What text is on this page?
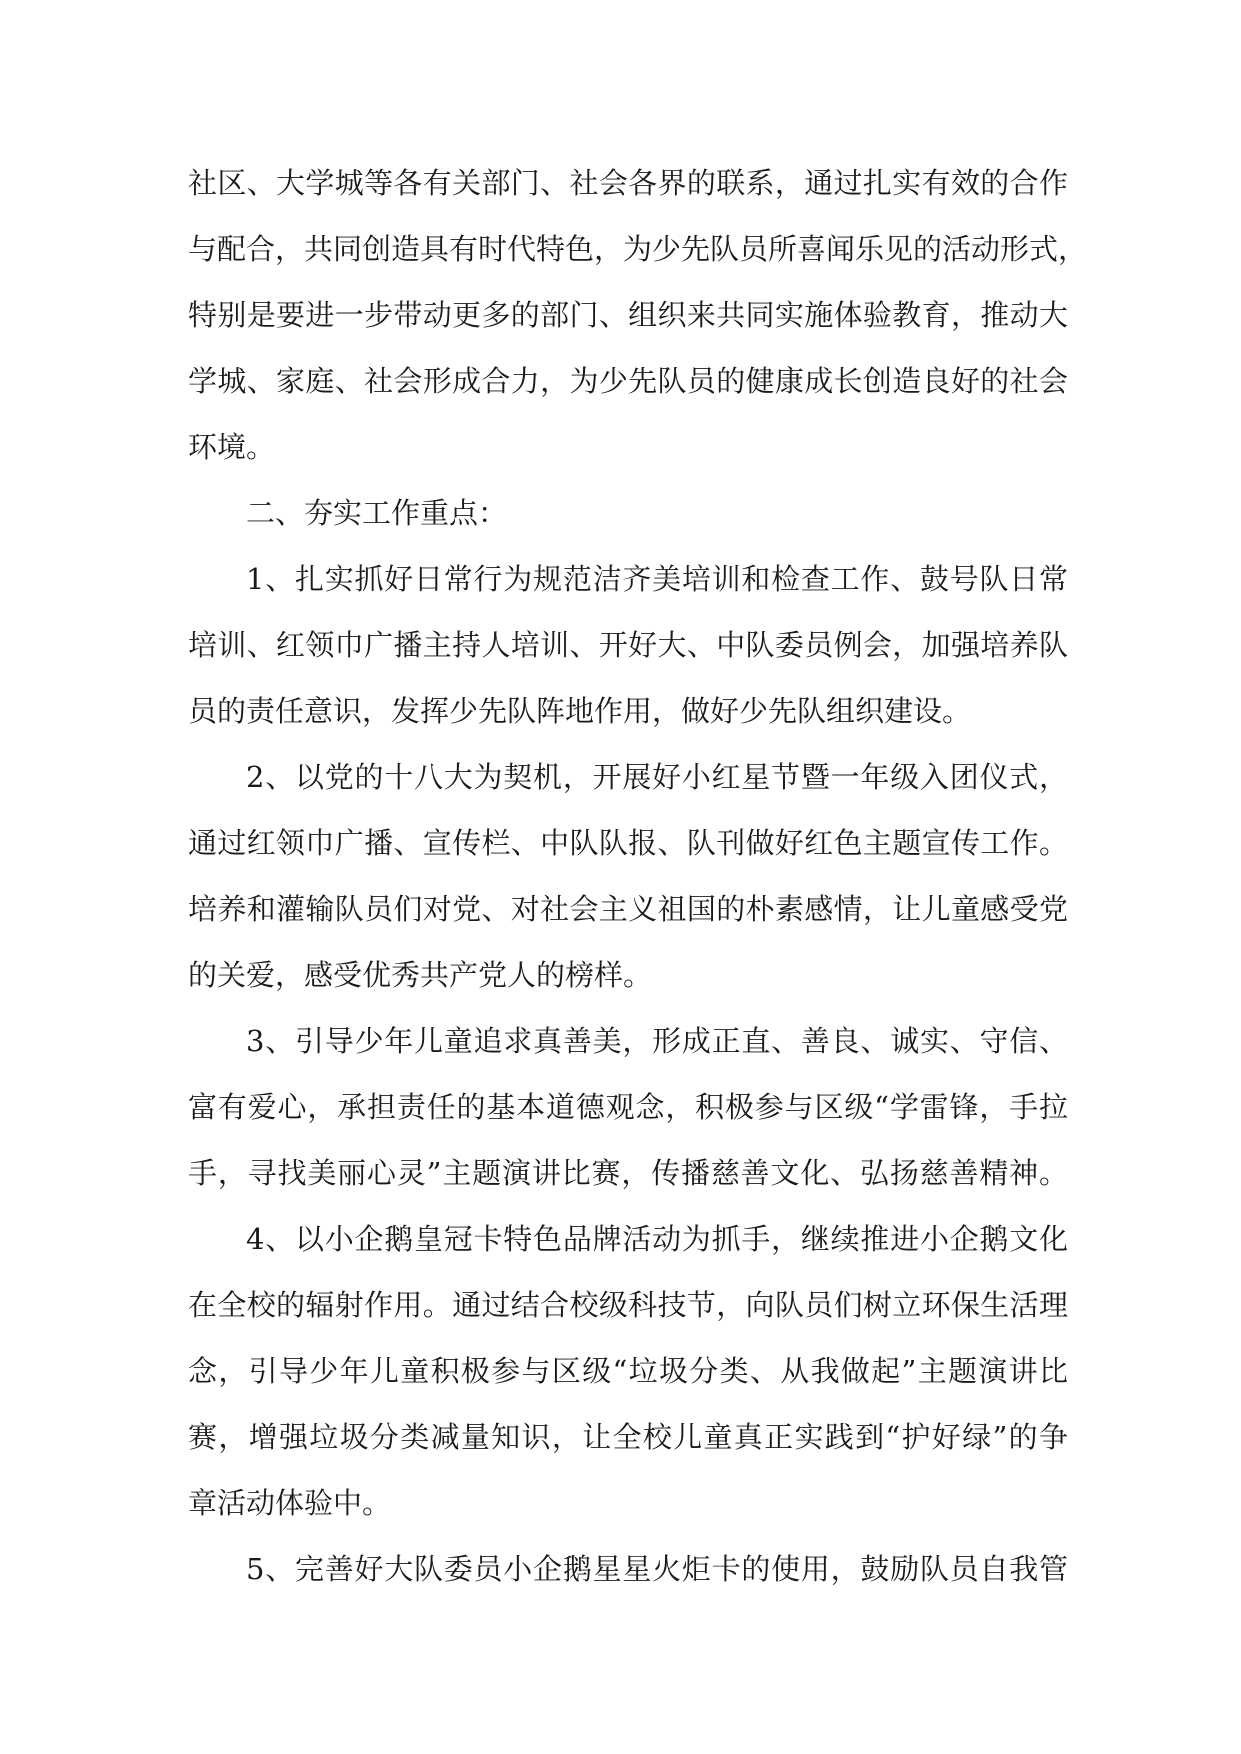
社区、大学城等各有关部门、社会各界的联系，通过扎实有效的合作
与配合，共同创造具有时代特色，为少先队员所喜闻乐见的活动形式，
特别是要进一步带动更多的部门、组织来共同实施体验教育，推动大
学城、家庭、社会形成合力，为少先队员的健康成长创造良好的社会
环境。
二、夯实工作重点：
1、扎实抓好日常行为规范洁齐美培训和检查工作、鼓号队日常
培训、红领巾广播主持人培训、开好大、中队委员例会，加强培养队
员的责任意识，发挥少先队阵地作用，做好少先队组织建设。
2、以党的十八大为契机，开展好小红星节暨一年级入团仪式，
通过红领巾广播、宣传栏、中队队报、队刊做好红色主题宣传工作。
培养和灌输队员们对党、对社会主义祖国的朴素感情，让儿童感受党
的关爱，感受优秀共产党人的榜样。
3、引导少年儿童追求真善美，形成正直、善良、诚实、守信、
富有爱心，承担责任的基本道德观念，积极参与区级“学雷锋，手拉
手，寻找美丽心灵”主题演讲比赛，传播慈善文化、弘扬慈善精神。
4、以小企鹅皇冠卡特色品牌活动为抓手，继续推进小企鹅文化
在全校的辐射作用。通过结合校级科技节，向队员们树立环保生活理
念，引导少年儿童积极参与区级“垃圾分类、从我做起”主题演讲比
赛，增强垃圾分类减量知识，让全校儿童真正实践到“护好绿”的争
章活动体验中。
5、完善好大队委员小企鹅星星火炬卡的使用，鼓励队员自我管
